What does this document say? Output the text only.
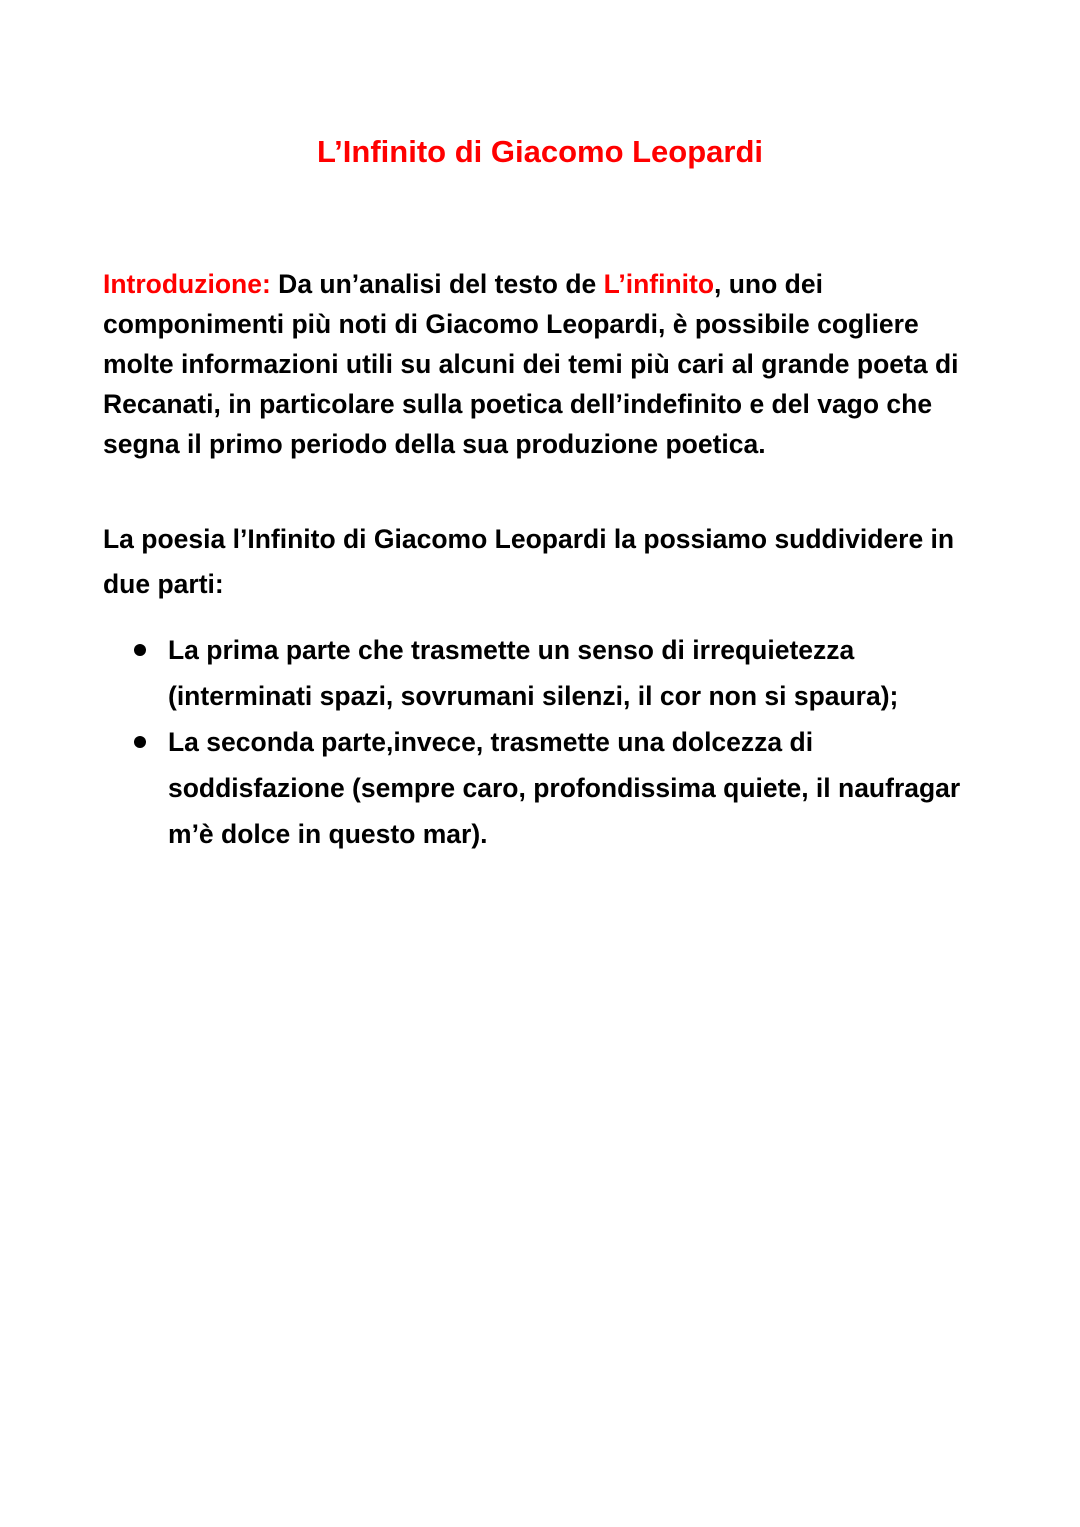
L’Infinito di Giacomo Leopardi

Introduzione: Da un’analisi del testo de L’infinito, uno dei componimenti più noti di Giacomo Leopardi, è possibile cogliere molte informazioni utili su alcuni dei temi più cari al grande poeta di Recanati, in particolare sulla poetica dell’indefinito e del vago che segna il primo periodo della sua produzione poetica.

La poesia l’Infinito di Giacomo Leopardi la possiamo suddividere in due parti:

La prima parte che trasmette un senso di irrequietezza (interminati spazi, sovrumani silenzi, il cor non si spaura);
La seconda parte,invece, trasmette una dolcezza di soddisfazione (sempre caro, profondissima quiete, il naufragar m’è dolce in questo mar).
